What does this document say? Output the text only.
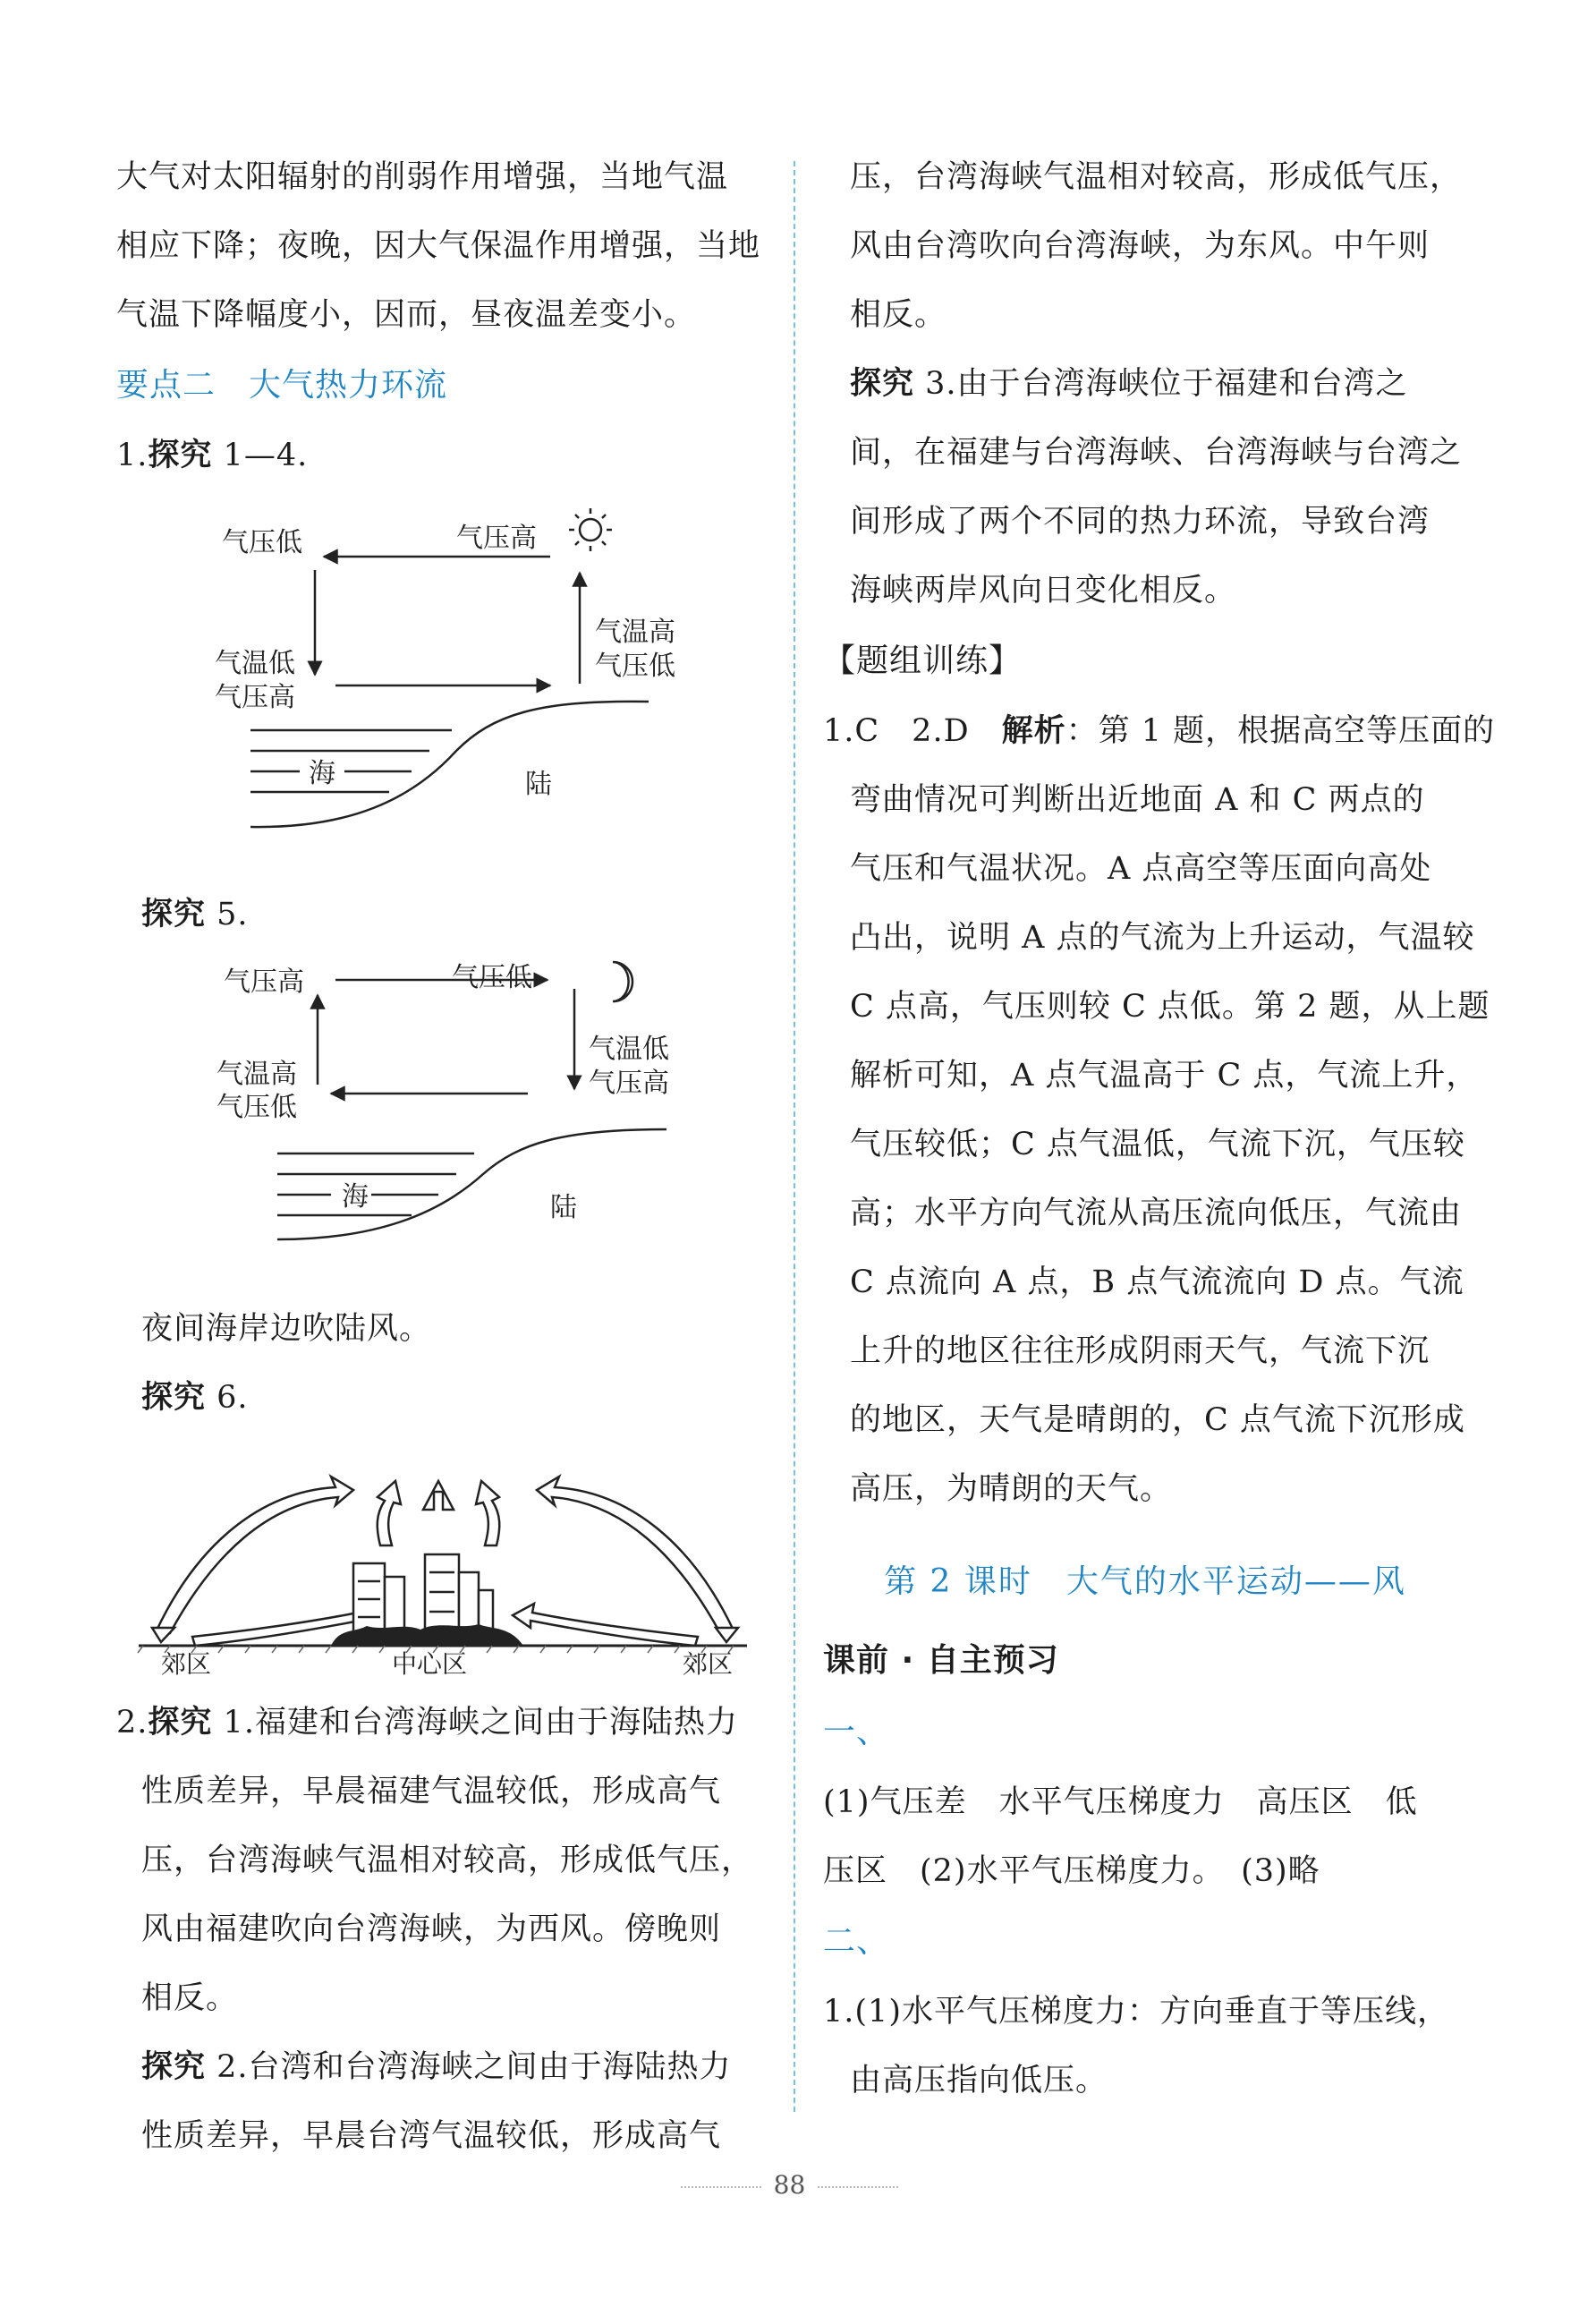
大气对太阳辐射的削弱作用增强，当地气温
相应下降；夜晚，因大气保温作用增强，当地
气温下降幅度小，因而，昼夜温差变小。
要点二　大气热力环流
1.探究 1—4.
气压低	气压高
气温低
气压高
气温高
气压低
海	陆
探究 5.
气压高	气压低
气温高
气压低
气温低
气压高
海	陆
夜间海岸边吹陆风。
探究 6.
郊区	中心区	郊区
2.探究 1.福建和台湾海峡之间由于海陆热力
性质差异，早晨福建气温较低，形成高气
压，台湾海峡气温相对较高，形成低气压，
风由福建吹向台湾海峡，为西风。傍晚则
相反。
探究 2.台湾和台湾海峡之间由于海陆热力
性质差异，早晨台湾气温较低，形成高气
压，台湾海峡气温相对较高，形成低气压，
风由台湾吹向台湾海峡，为东风。中午则
相反。
探究 3.由于台湾海峡位于福建和台湾之
间，在福建与台湾海峡、台湾海峡与台湾之
间形成了两个不同的热力环流，导致台湾
海峡两岸风向日变化相反。
【题组训练】
1.C　2.D　解析：第 1 题，根据高空等压面的
弯曲情况可判断出近地面 A 和 C 两点的
气压和气温状况。A 点高空等压面向高处
凸出，说明 A 点的气流为上升运动，气温较
C 点高，气压则较 C 点低。第 2 题，从上题
解析可知，A 点气温高于 C 点，气流上升，
气压较低；C 点气温低，气流下沉，气压较
高；水平方向气流从高压流向低压，气流由
C 点流向 A 点，B 点气流流向 D 点。气流
上升的地区往往形成阴雨天气，气流下沉
的地区，天气是晴朗的，C 点气流下沉形成
高压，为晴朗的天气。
第 2 课时　大气的水平运动——风
课前 · 自主预习
一、
(1)气压差　水平气压梯度力　高压区　低
压区　(2)水平气压梯度力。　(3)略
二、
1.(1)水平气压梯度力：方向垂直于等压线，
由高压指向低压。
88
